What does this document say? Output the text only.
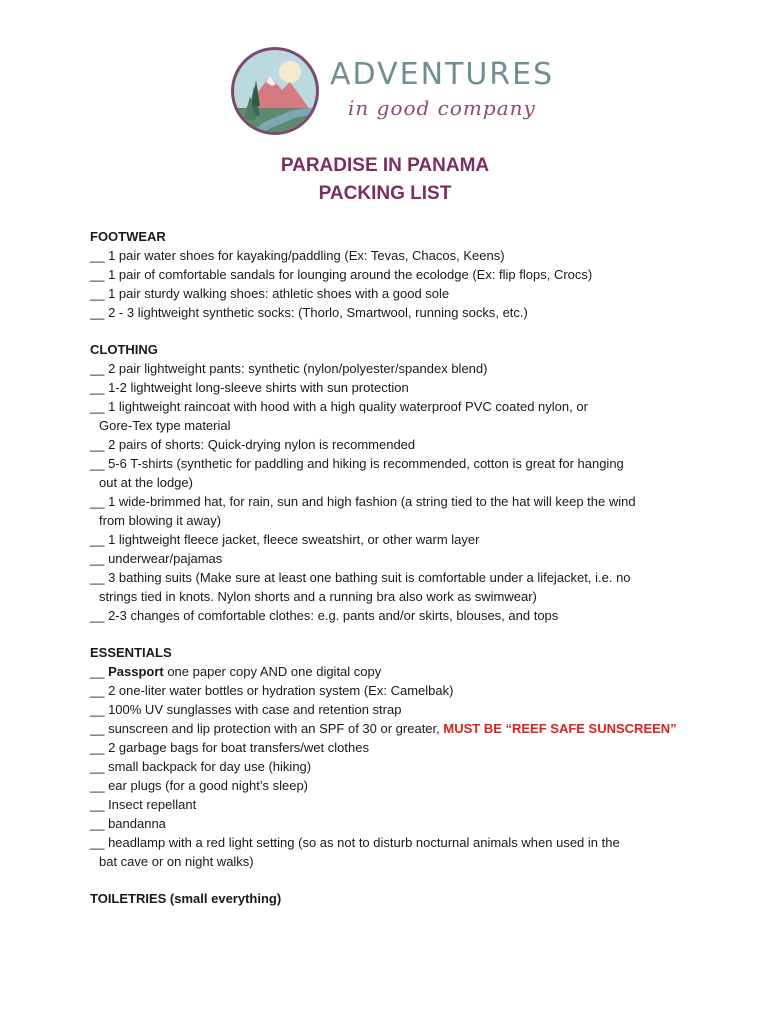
ADVENTURES
in good company
PARADISE IN PANAMA
PACKING LIST
FOOTWEAR
__ 1 pair water shoes for kayaking/paddling (Ex: Tevas, Chacos, Keens)
__ 1 pair of comfortable sandals for lounging around the ecolodge (Ex: flip flops, Crocs)
__ 1 pair sturdy walking shoes: athletic shoes with a good sole
__ 2 - 3 lightweight synthetic socks: (Thorlo, Smartwool, running socks, etc.)
CLOTHING
__ 2 pair lightweight pants: synthetic (nylon/polyester/spandex blend)
__ 1-2 lightweight long-sleeve shirts with sun protection
__ 1 lightweight raincoat with hood with a high quality waterproof PVC coated nylon, or
Gore-Tex type material
__ 2 pairs of shorts: Quick-drying nylon is recommended
__ 5-6 T-shirts (synthetic for paddling and hiking is recommended, cotton is great for hanging
out at the lodge)
__ 1 wide-brimmed hat, for rain, sun and high fashion (a string tied to the hat will keep the wind
from blowing it away)
__ 1 lightweight fleece jacket, fleece sweatshirt, or other warm layer
__ underwear/pajamas
__ 3 bathing suits (Make sure at least one bathing suit is comfortable under a lifejacket, i.e. no
strings tied in knots. Nylon shorts and a running bra also work as swimwear)
__ 2-3 changes of comfortable clothes: e.g. pants and/or skirts, blouses, and tops
ESSENTIALS
__ Passport one paper copy AND one digital copy
__ 2 one-liter water bottles or hydration system (Ex: Camelbak)
__ 100% UV sunglasses with case and retention strap
__ sunscreen and lip protection with an SPF of 30 or greater, MUST BE “REEF SAFE SUNSCREEN”
__ 2 garbage bags for boat transfers/wet clothes
__ small backpack for day use (hiking)
__ ear plugs (for a good night’s sleep)
__ Insect repellant
__ bandanna
__ headlamp with a red light setting (so as not to disturb nocturnal animals when used in the
bat cave or on night walks)
TOILETRIES (small everything)
